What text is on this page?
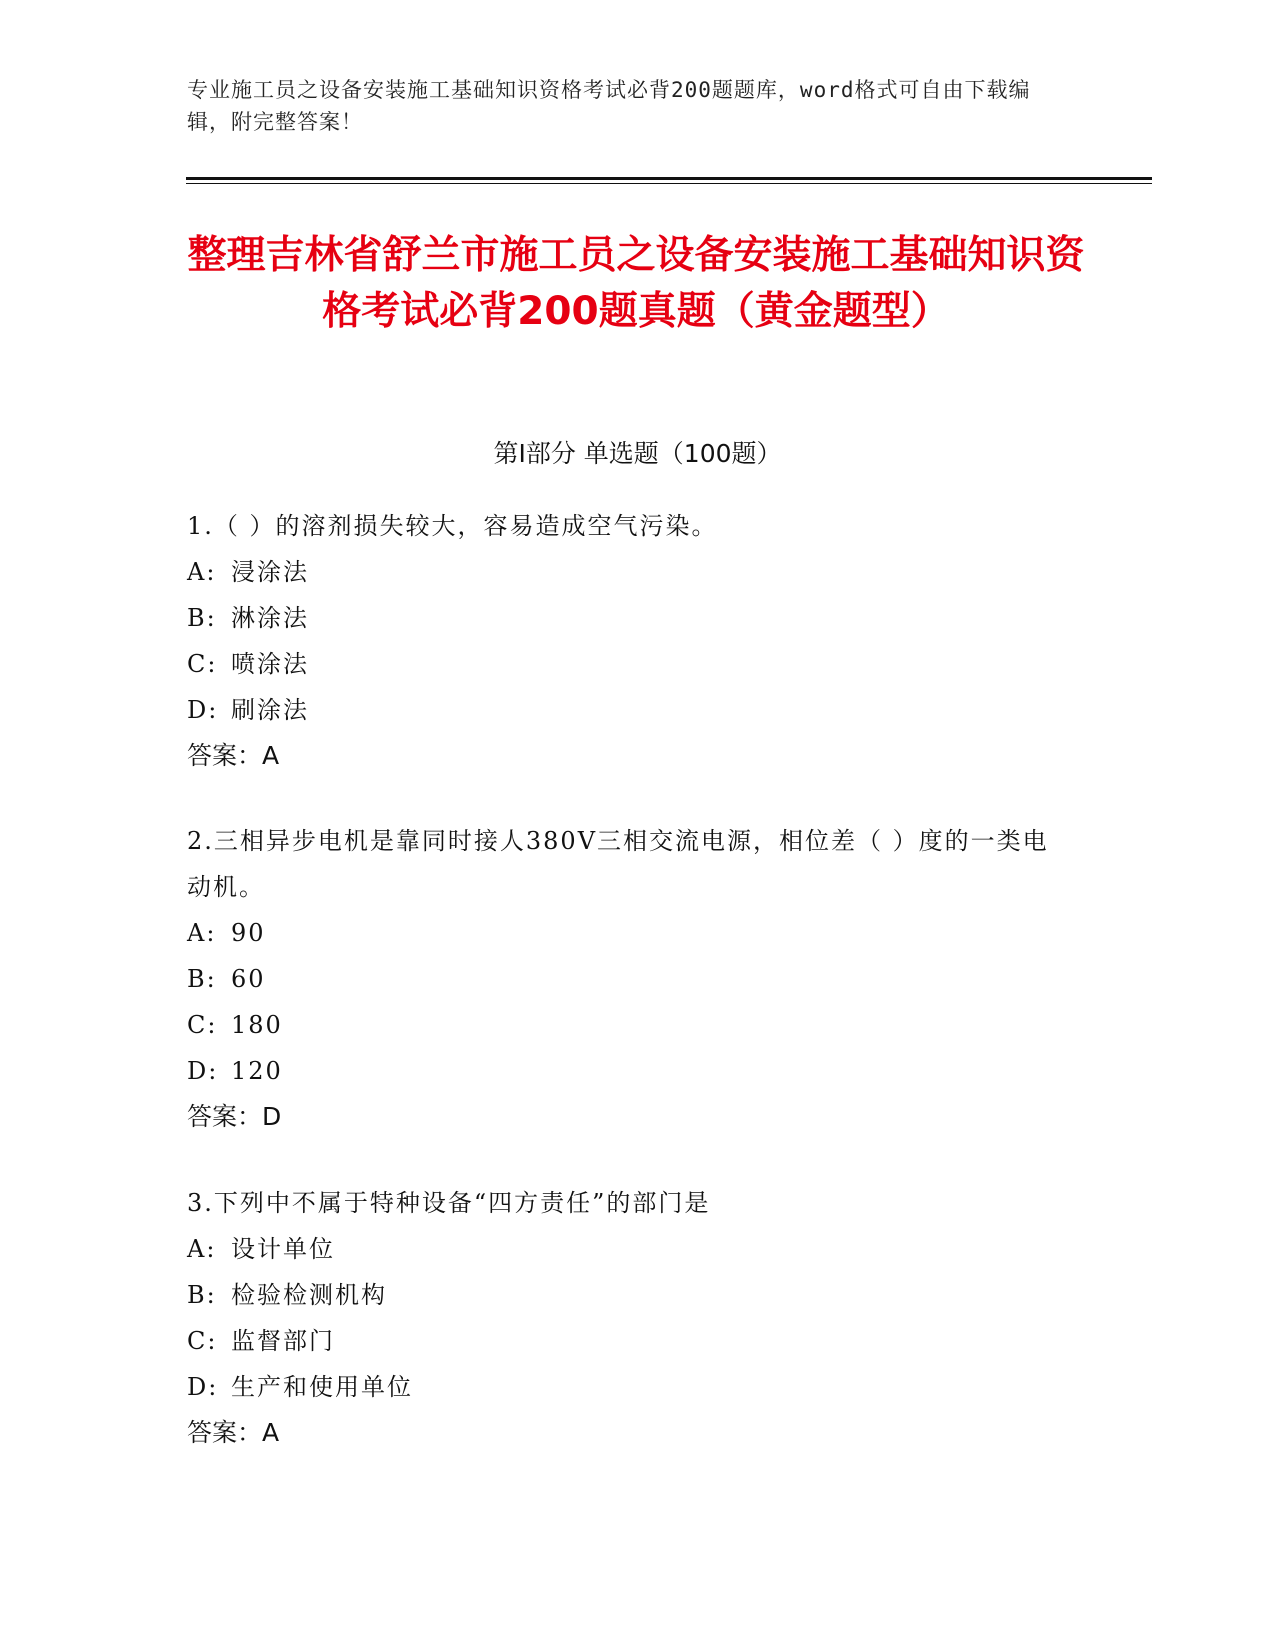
专业施工员之设备安装施工基础知识资格考试必背200题题库，word格式可自由下载编辑，附完整答案！
整理吉林省舒兰市施工员之设备安装施工基础知识资格考试必背200题真题（黄金题型）
第I部分 单选题（100题）

1.（ ）的溶剂损失较大，容易造成空气污染。

A: 浸涂法

B: 淋涂法

C: 喷涂法

D: 刷涂法

答案：A

2.三相异步电机是靠同时接人380V三相交流电源，相位差（ ）度的一类电动机。

A: 90

B: 60

C: 180

D: 120

答案：D

3.下列中不属于特种设备“四方责任”的部门是

A: 设计单位

B: 检验检测机构

C: 监督部门

D: 生产和使用单位

答案：A
